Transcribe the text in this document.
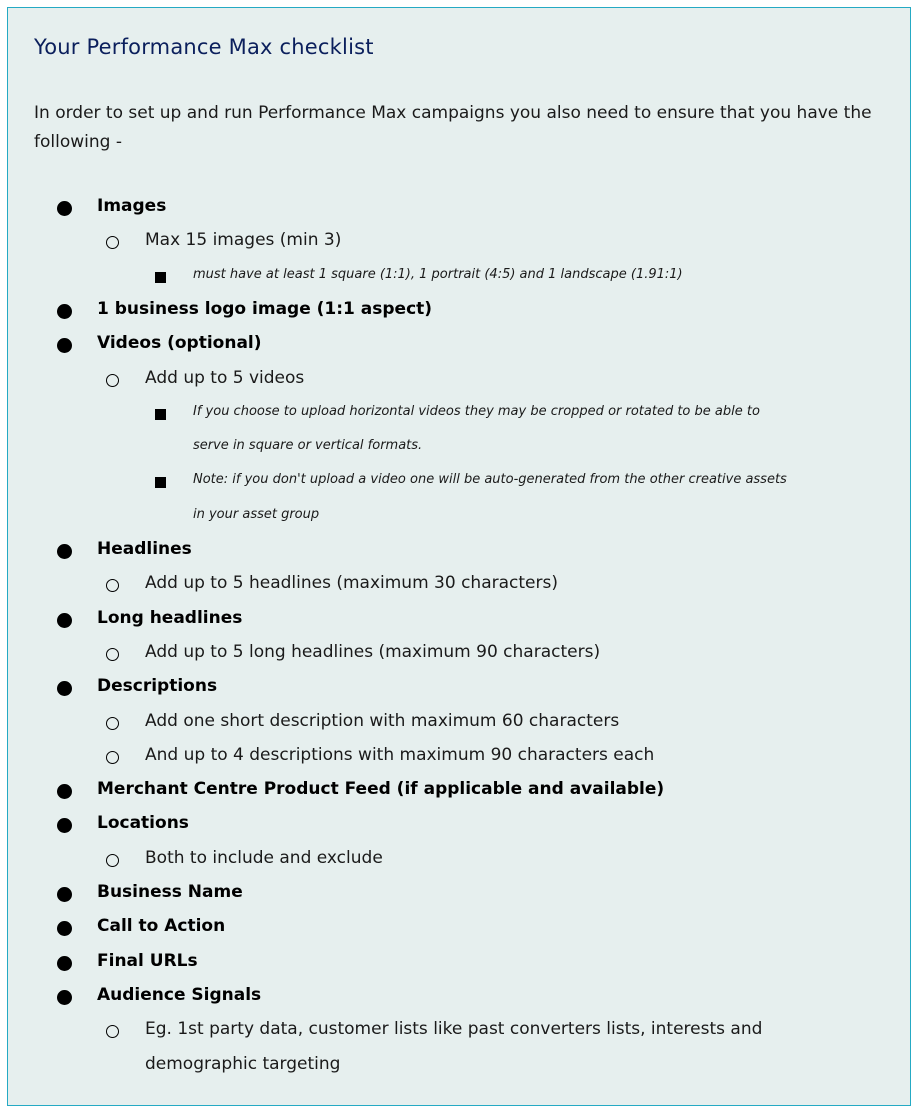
Your Performance Max checklist
In order to set up and run Performance Max campaigns you also need to ensure that you have the following -
Images
Max 15 images (min 3)
must have at least 1 square (1:1), 1 portrait (4:5) and 1 landscape (1.91:1)
1 business logo image (1:1 aspect)
Videos (optional)
Add up to 5 videos
If you choose to upload horizontal videos they may be cropped or rotated to be able to
serve in square or vertical formats.
Note: if you don't upload a video one will be auto-generated from the other creative assets
in your asset group
Headlines
Add up to 5 headlines (maximum 30 characters)
Long headlines
Add up to 5 long headlines (maximum 90 characters)
Descriptions
Add one short description with maximum 60 characters
And up to 4 descriptions with maximum 90 characters each
Merchant Centre Product Feed (if applicable and available)
Locations
Both to include and exclude
Business Name
Call to Action
Final URLs
Audience Signals
Eg. 1st party data, customer lists like past converters lists, interests and
demographic targeting
